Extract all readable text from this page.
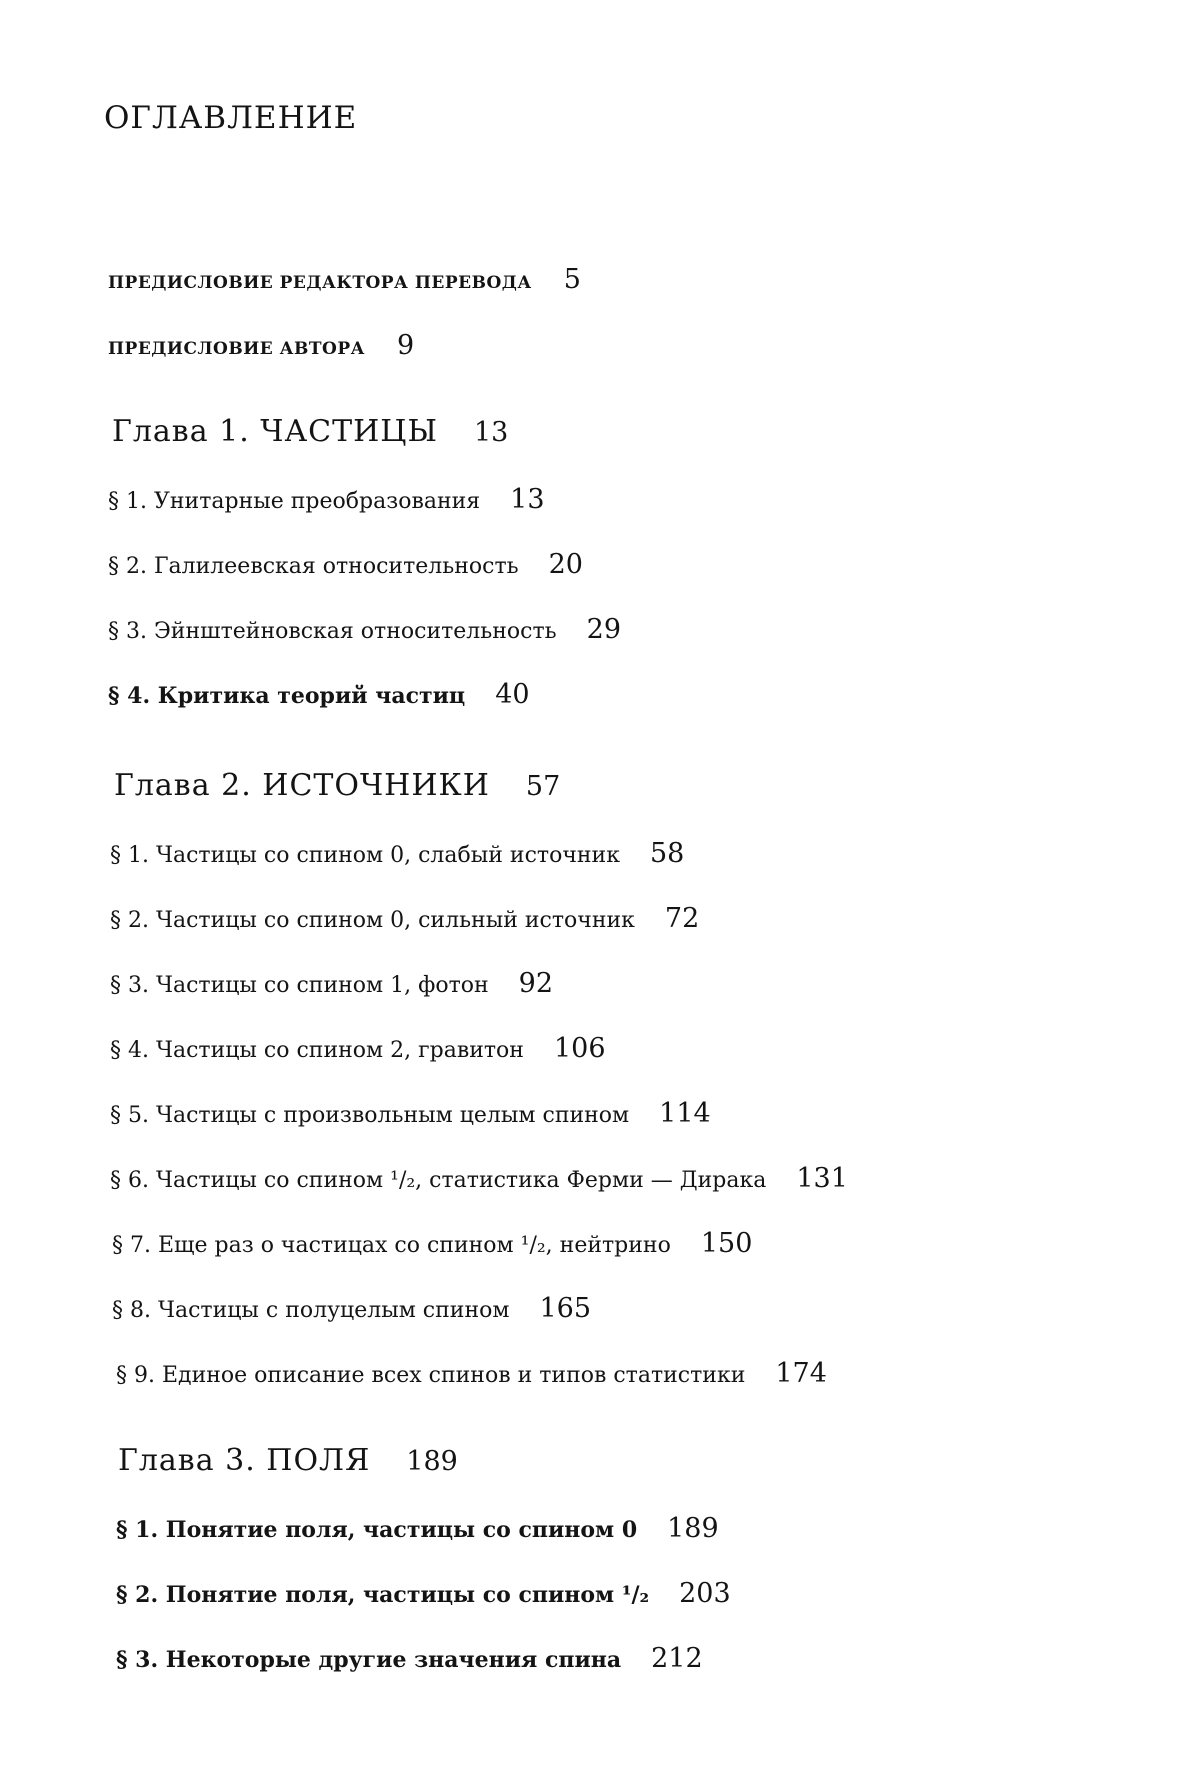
ОГЛАВЛЕНИЕ
ПРЕДИСЛОВИЕ РЕДАКТОРА ПЕРЕВОДА 5
ПРЕДИСЛОВИЕ АВТОРА 9
Глава 1. ЧАСТИЦЫ 13
§ 1. Унитарные преобразования 13
§ 2. Галилеевская относительность 20
§ 3. Эйнштейновская относительность 29
§ 4. Критика теорий частиц 40
Глава 2. ИСТОЧНИКИ 57
§ 1. Частицы со спином 0, слабый источник 58
§ 2. Частицы со спином 0, сильный источник 72
§ 3. Частицы со спином 1, фотон 92
§ 4. Частицы со спином 2, гравитон 106
§ 5. Частицы с произвольным целым спином 114
§ 6. Частицы со спином ¹/₂, статистика Ферми — Дирака 131
§ 7. Еще раз о частицах со спином ¹/₂, нейтрино 150
§ 8. Частицы с полуцелым спином 165
§ 9. Единое описание всех спинов и типов статистики 174
Глава 3. ПОЛЯ 189
§ 1. Понятие поля, частицы со спином 0 189
§ 2. Понятие поля, частицы со спином ¹/₂ 203
§ 3. Некоторые другие значения спина 212
